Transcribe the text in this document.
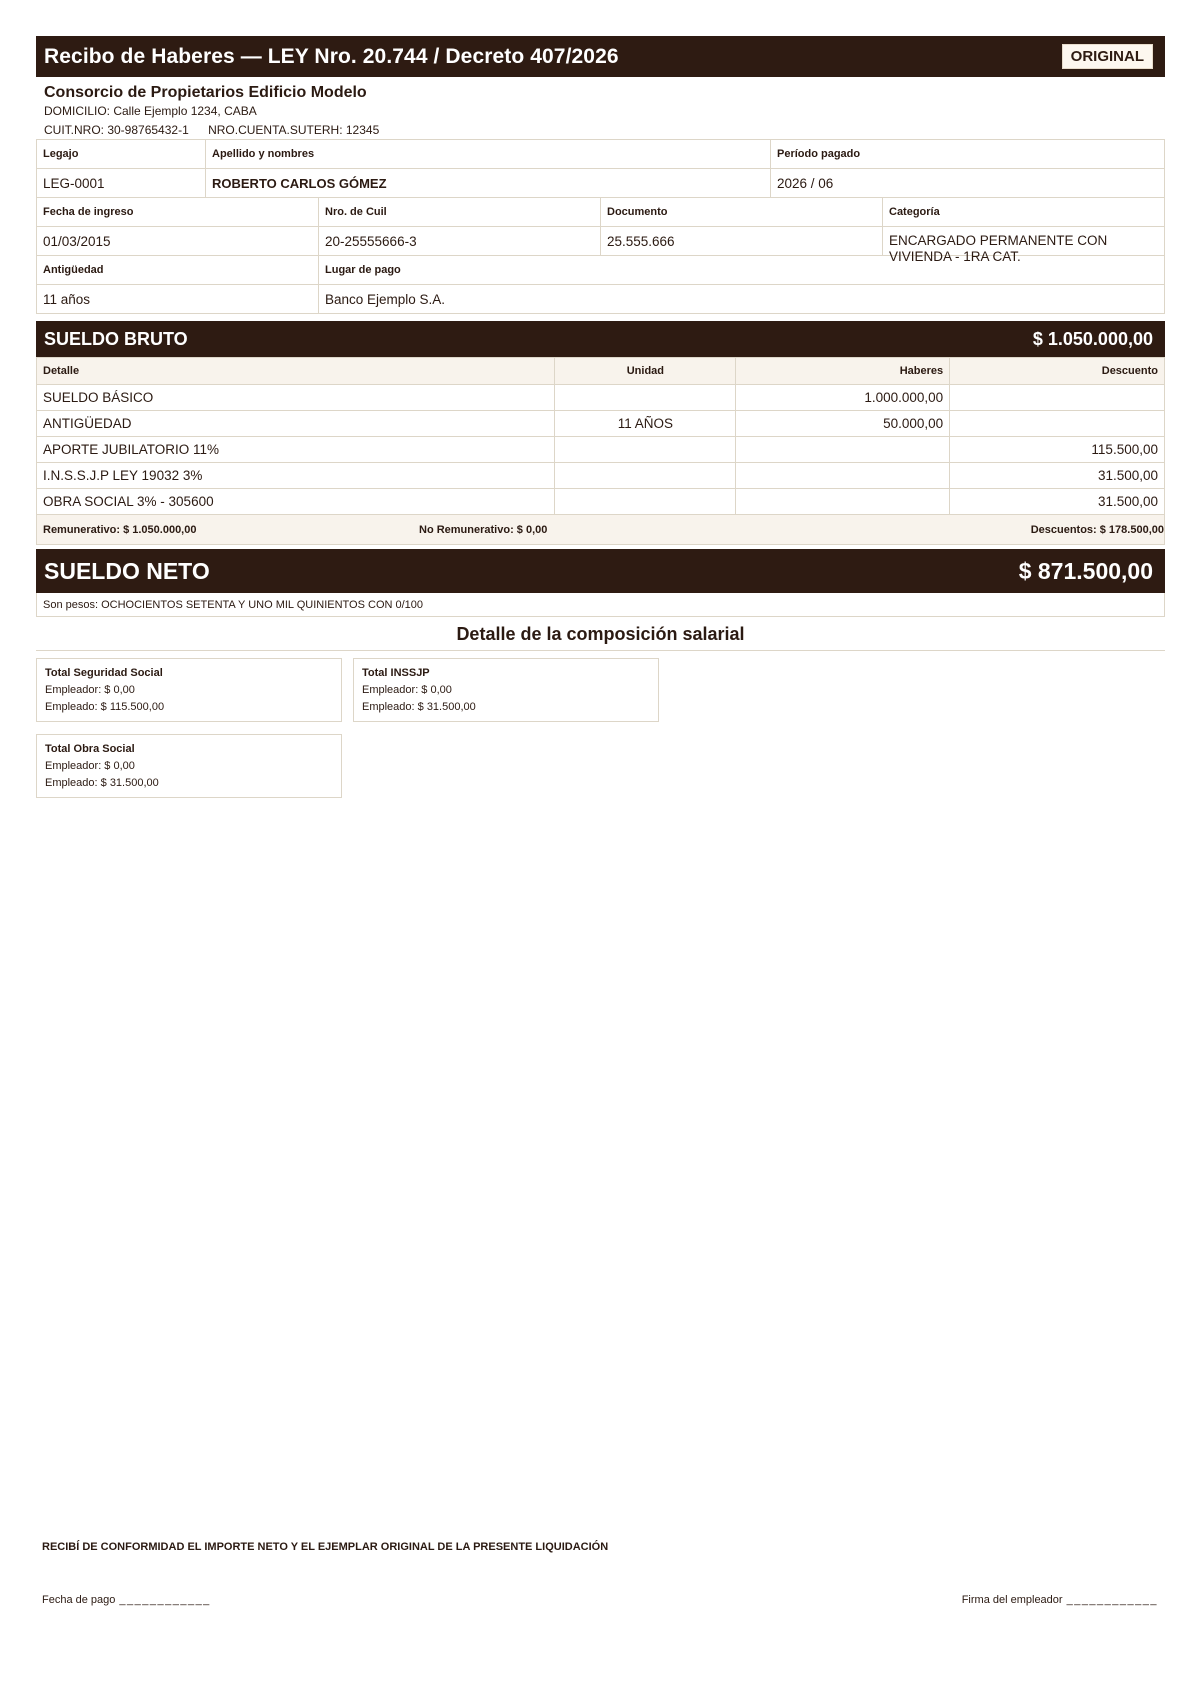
Recibo de Haberes — LEY Nro. 20.744 / Decreto 407/2026	ORIGINAL
Consorcio de Propietarios Edificio Modelo
DOMICILIO: Calle Ejemplo 1234, CABA
CUIT.NRO: 30-98765432-1 NRO.CUENTA.SUTERH: 12345
Legajo	Apellido y nombres	Período pagado
LEG-0001	ROBERTO CARLOS GÓMEZ	2026 / 06
Fecha de ingreso	Nro. de Cuil	Documento	Categoría
01/03/2015	20-25555666-3	25.555.666	ENCARGADO PERMANENTE CON
VIVIENDA - 1RA CAT.
Antigüedad	Lugar de pago
11 años	Banco Ejemplo S.A.
SUELDO BRUTO	$ 1.050.000,00
Detalle	Unidad	Haberes	Descuento
SUELDO BÁSICO		1.000.000,00	
ANTIGÜEDAD	11 AÑOS	50.000,00	
APORTE JUBILATORIO 11%			115.500,00
I.N.S.S.J.P LEY 19032 3%			31.500,00
OBRA SOCIAL 3% - 305600			31.500,00
Remunerativo: $ 1.050.000,00	No Remunerativo: $ 0,00	Descuentos: $ 178.500,00
SUELDO NETO	$ 871.500,00
Son pesos: OCHOCIENTOS SETENTA Y UNO MIL QUINIENTOS CON 0/100
Detalle de la composición salarial
Total Seguridad Social
Empleador: $ 0,00
Empleado: $ 115.500,00
Total INSSJP
Empleador: $ 0,00
Empleado: $ 31.500,00
Total Obra Social
Empleador: $ 0,00
Empleado: $ 31.500,00
RECIBÍ DE CONFORMIDAD EL IMPORTE NETO Y EL EJEMPLAR ORIGINAL DE LA PRESENTE LIQUIDACIÓN
Fecha de pago ____________	Firma del empleador ____________
